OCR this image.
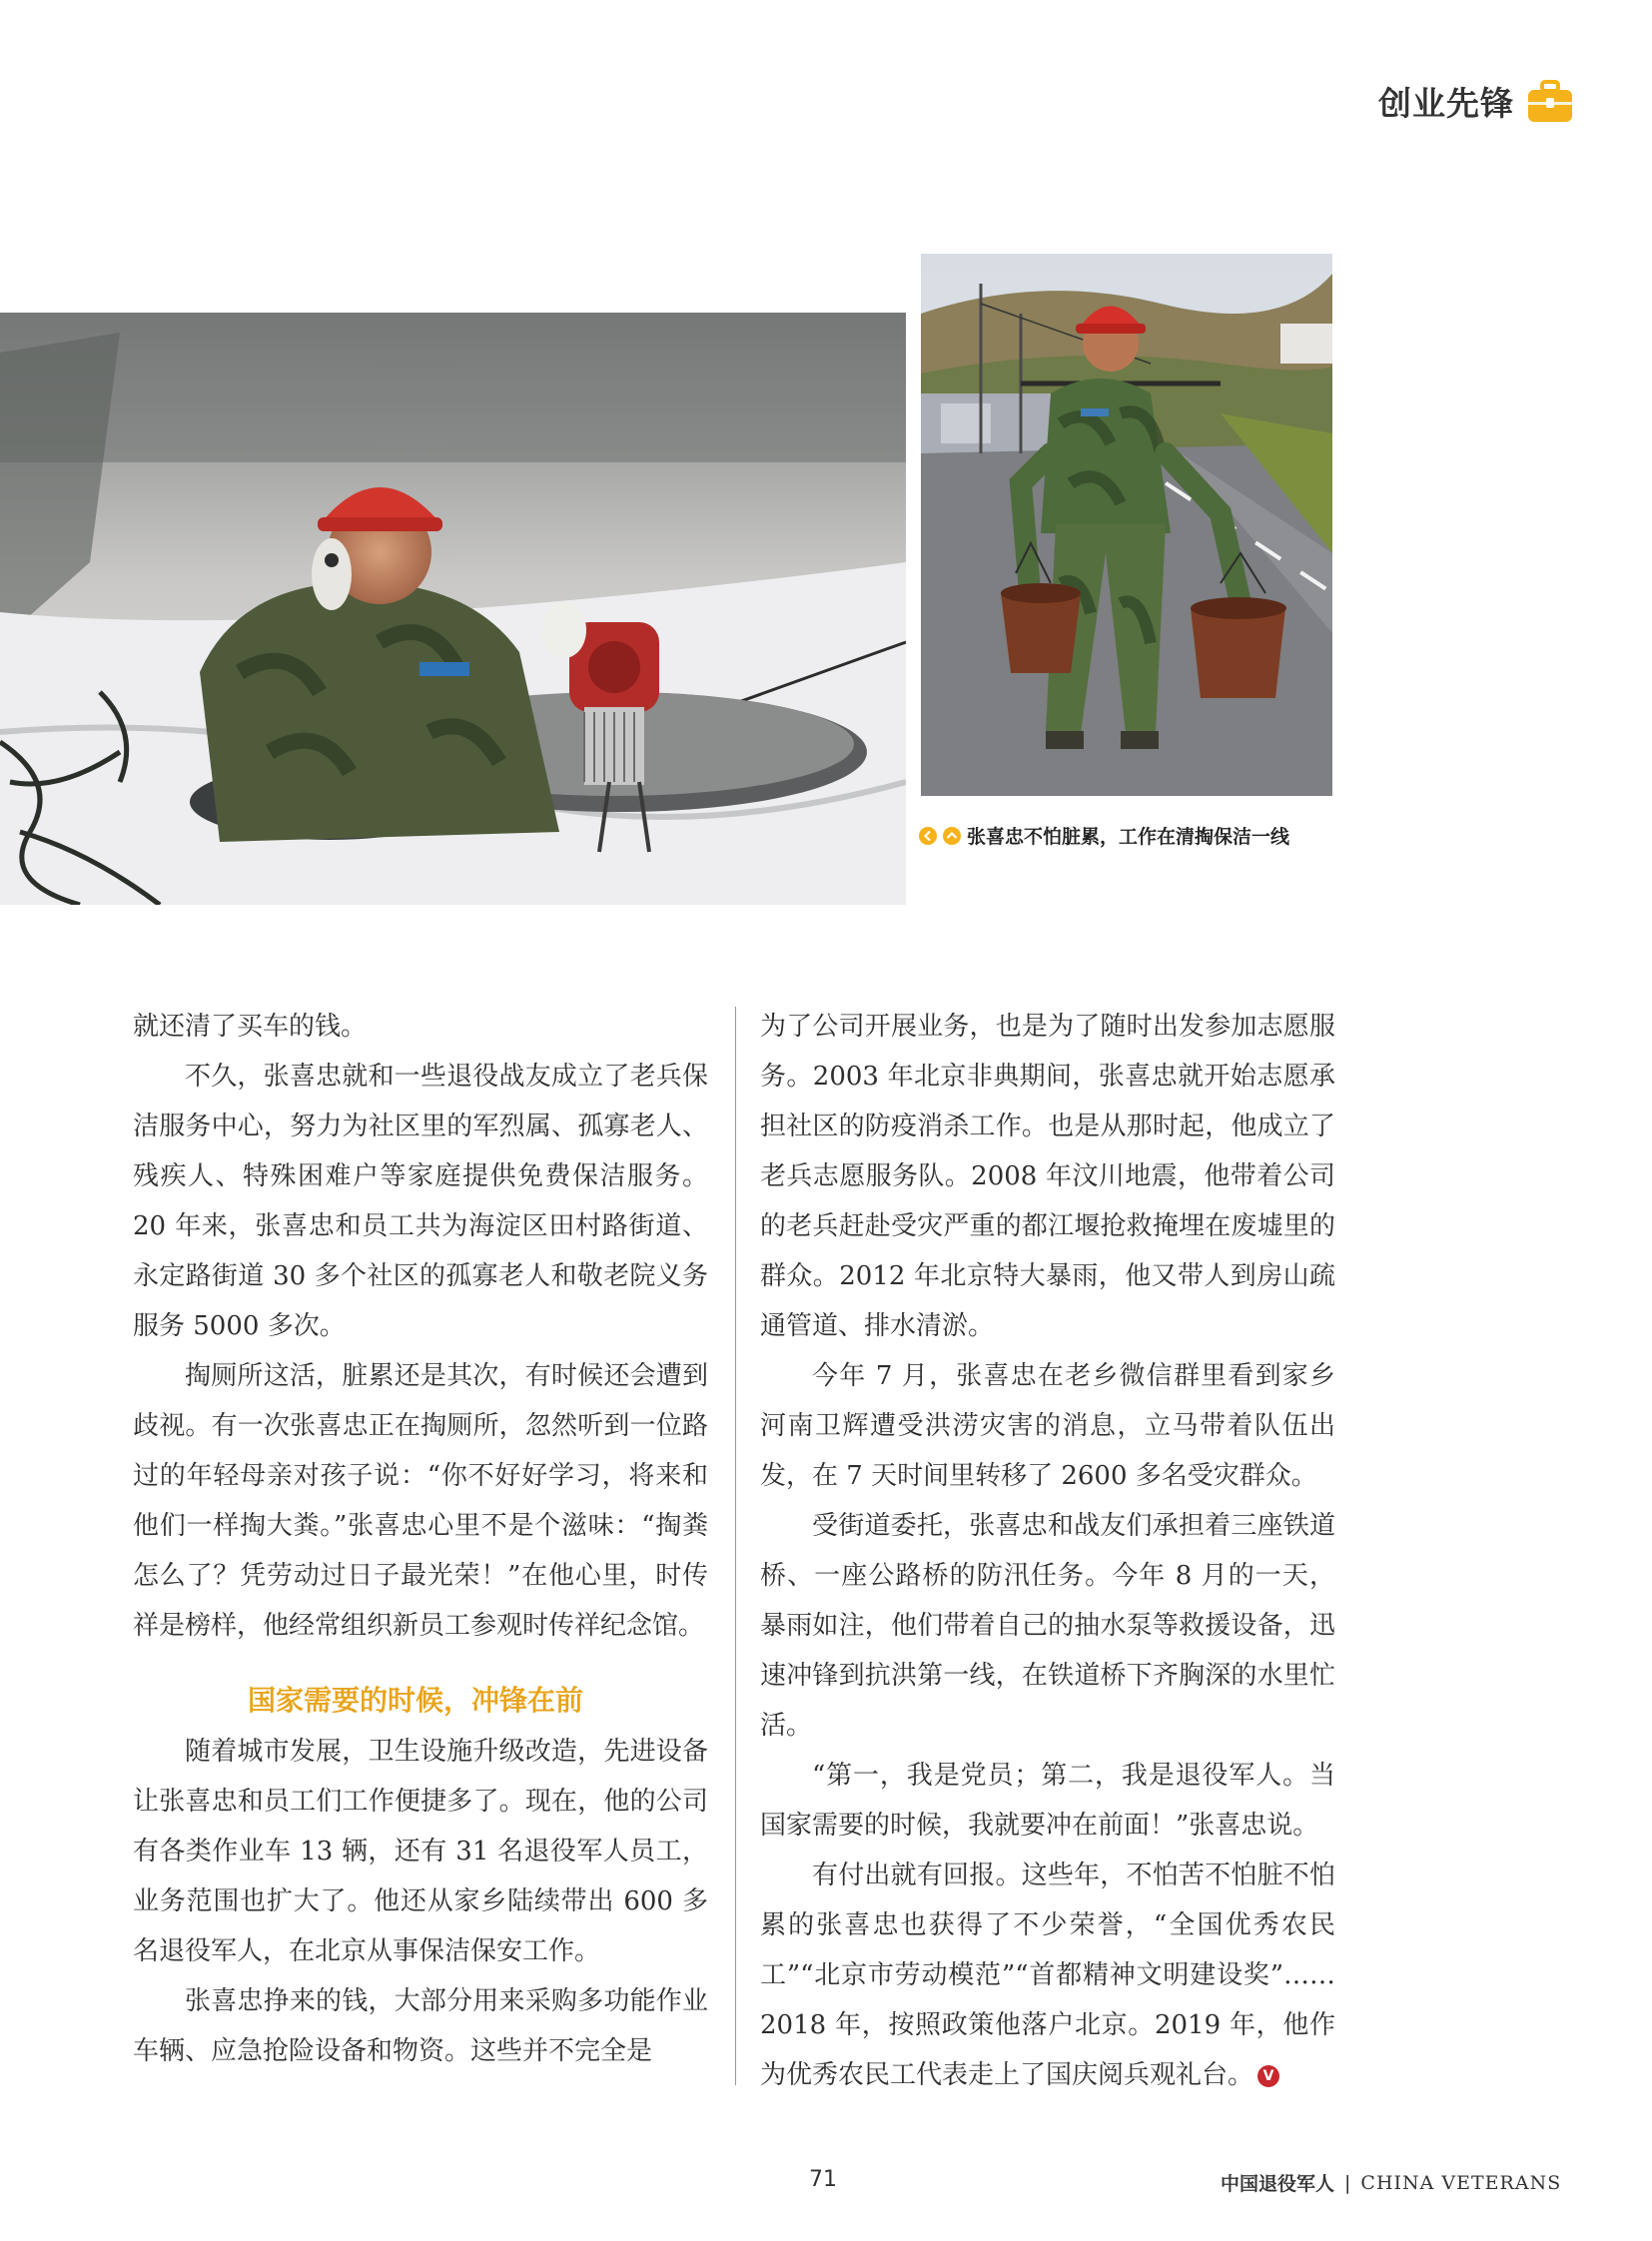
创业先锋
张喜忠不怕脏累，工作在清掏保洁一线

就还清了买车的钱。

不久，张喜忠就和一些退役战友成立了老兵保洁服务中心，努力为社区里的军烈属、孤寡老人、残疾人、特殊困难户等家庭提供免费保洁服务。20 年来，张喜忠和员工共为海淀区田村路街道、永定路街道 30 多个社区的孤寡老人和敬老院义务服务 5000 多次。

掏厕所这活，脏累还是其次，有时候还会遭到歧视。有一次张喜忠正在掏厕所，忽然听到一位路过的年轻母亲对孩子说：“你不好好学习，将来和他们一样掏大粪。”张喜忠心里不是个滋味：“掏粪怎么了？凭劳动过日子最光荣！”在他心里，时传祥是榜样，他经常组织新员工参观时传祥纪念馆。

国家需要的时候，冲锋在前

随着城市发展，卫生设施升级改造，先进设备让张喜忠和员工们工作便捷多了。现在，他的公司有各类作业车 13 辆，还有 31 名退役军人员工，业务范围也扩大了。他还从家乡陆续带出 600 多名退役军人，在北京从事保洁保安工作。

张喜忠挣来的钱，大部分用来采购多功能作业车辆、应急抢险设备和物资。这些并不完全是

为了公司开展业务，也是为了随时出发参加志愿服务。2003 年北京非典期间，张喜忠就开始志愿承担社区的防疫消杀工作。也是从那时起，他成立了老兵志愿服务队。2008 年汶川地震，他带着公司的老兵赶赴受灾严重的都江堰抢救掩埋在废墟里的群众。2012 年北京特大暴雨，他又带人到房山疏通管道、排水清淤。

今年 7 月，张喜忠在老乡微信群里看到家乡河南卫辉遭受洪涝灾害的消息，立马带着队伍出发，在 7 天时间里转移了 2600 多名受灾群众。

受街道委托，张喜忠和战友们承担着三座铁道桥、一座公路桥的防汛任务。今年 8 月的一天，暴雨如注，他们带着自己的抽水泵等救援设备，迅速冲锋到抗洪第一线，在铁道桥下齐胸深的水里忙活。

“第一，我是党员；第二，我是退役军人。当国家需要的时候，我就要冲在前面！”张喜忠说。

有付出就有回报。这些年，不怕苦不怕脏不怕累的张喜忠也获得了不少荣誉，“全国优秀农民工”“北京市劳动模范”“首都精神文明建设奖”……2018 年，按照政策他落户北京。2019 年，他作为优秀农民工代表走上了国庆阅兵观礼台。 V

71	中国退役军人 | CHINA VETERANS
